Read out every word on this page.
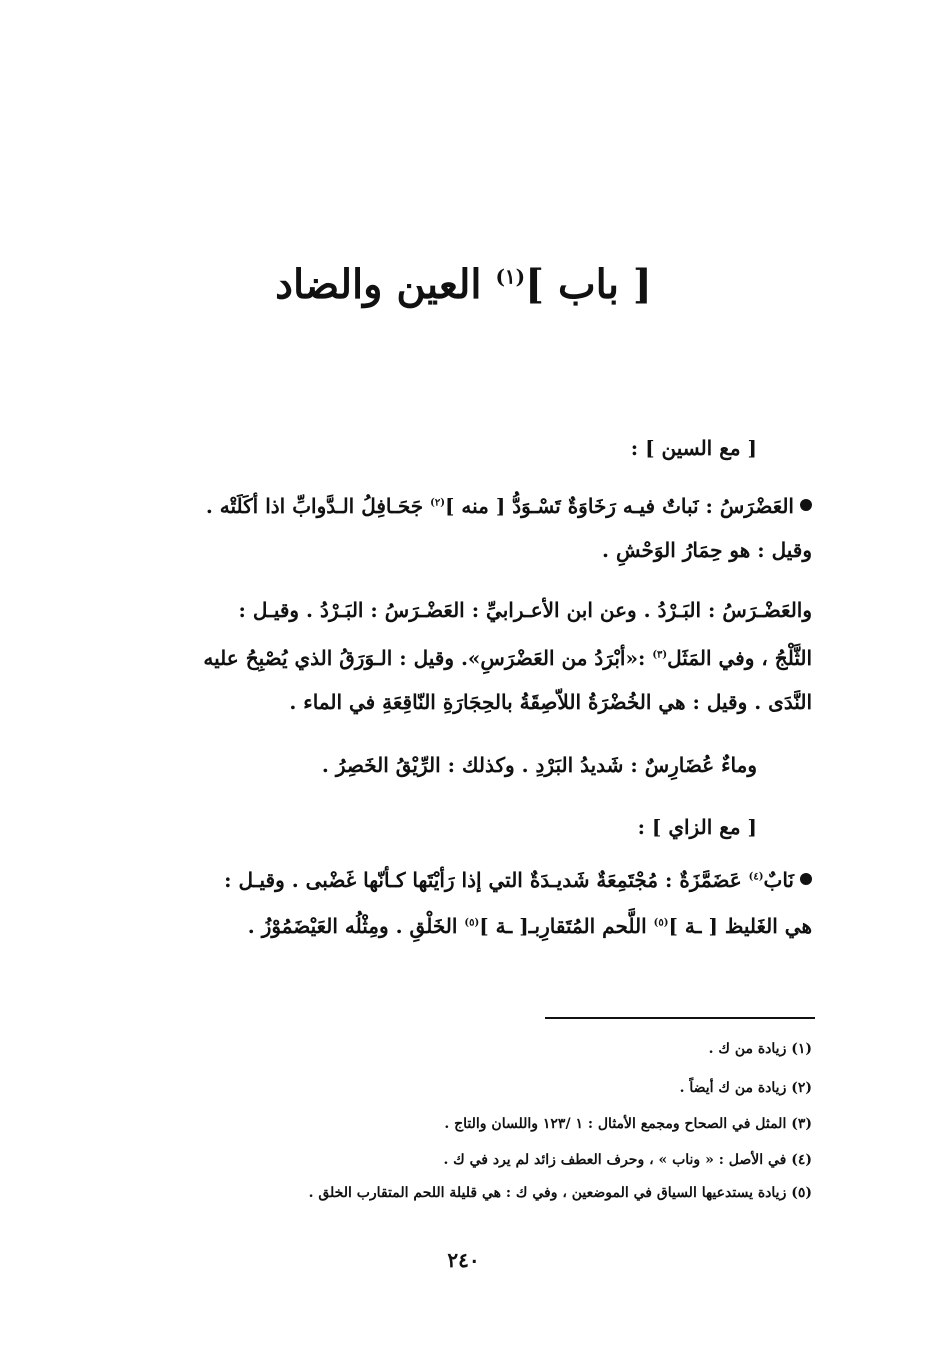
[ باب ]$^{(١)}$ العين والضاد
[ مع السين ] :
العَضْرَسُ : نَباتٌ فيـه رَخَاوَةٌ تَسْـوَدُّ [ منه ]$^{(٢)}$ جَحَـافِلُ الـدَّوابِّ اذا أكَلَتْه .
وقيل : هو حِمَارُ الوَحْشِ .
والعَضْـرَسُ : البَـرْدُ . وعن ابن الأعـرابيِّ : العَضْـرَسُ : البَـرْدُ . وقيـل :
الثَّلْجُ ، وفي المَثَل$^{(٣)}$ :«أبْرَدُ من العَضْرَسِ». وقيل : الـوَرَقُ الذي يُصْبِحُ عليه
النَّدَى . وقيل : هي الخُضْرَةُ اللاّصِقَةُ بالحِجَارَةِ النّاقِعَةِ في الماء .
وماءٌ عُضَارِسٌ : شَديدُ البَرْدِ . وكذلك : الرِّيْقُ الخَصِرُ .
[ مع الزاي ] :
نَابٌ$^{(٤)}$ عَضَمَّزَةٌ : مُجْتَمِعَةٌ شَديـدَةٌ التي إذا رَأيْتَها كـأنّها غَضْبى . وقيـل :
هي الغَليظ [ ـة ]$^{(٥)}$ اللَّحم المُتَقارِبـ[ ـة ]$^{(٥)}$ الخَلْقِ . ومِثْلُه العَيْضَمُوْزُ .
(١) زيادة من ك .
(٢) زيادة من ك أيضاً .
(٣) المثل في الصحاح ومجمع الأمثال : ١ /١٢٣ واللسان والتاج .
(٤) في الأصل : « وناب » ، وحرف العطف زائد لم يرد في ك .
(٥) زيادة يستدعيها السياق في الموضعين ، وفي ك : هي قليلة اللحم المتقارب الخلق .
٢٤٠
